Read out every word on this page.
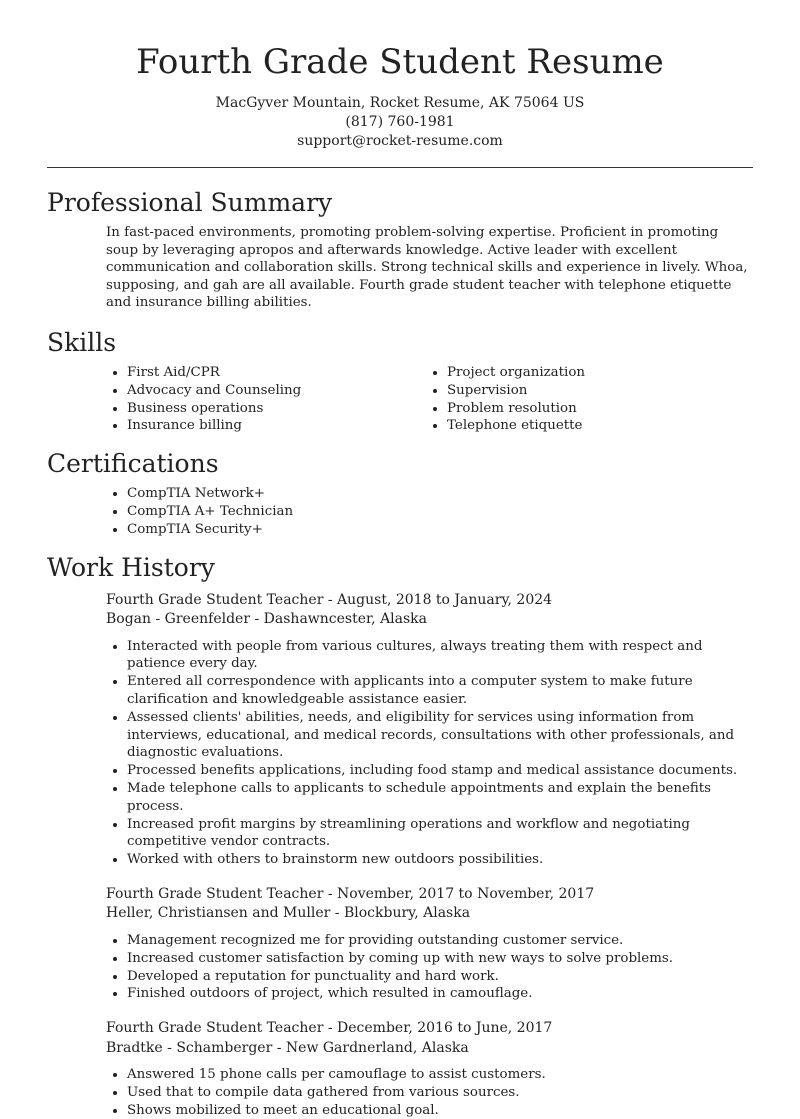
Fourth Grade Student Resume
MacGyver Mountain, Rocket Resume, AK 75064 US
(817) 760-1981
support@rocket-resume.com
Professional Summary

In fast-paced environments, promoting problem-solving expertise. Proficient in promoting soup by leveraging apropos and afterwards knowledge. Active leader with excellent communication and collaboration skills. Strong technical skills and experience in lively. Whoa, supposing, and gah are all available. Fourth grade student teacher with telephone etiquette and insurance billing abilities.

Skills
• First Aid/CPR
• Advocacy and Counseling
• Business operations
• Insurance billing
• Project organization
• Supervision
• Problem resolution
• Telephone etiquette
Certifications
• CompTIA Network+
• CompTIA A+ Technician
• CompTIA Security+
Work History
Fourth Grade Student Teacher - August, 2018 to January, 2024
Bogan - Greenfelder - Dashawncester, Alaska
• Interacted with people from various cultures, always treating them with respect and patience every day.
• Entered all correspondence with applicants into a computer system to make future clarification and knowledgeable assistance easier.
• Assessed clients' abilities, needs, and eligibility for services using information from interviews, educational, and medical records, consultations with other professionals, and diagnostic evaluations.
• Processed benefits applications, including food stamp and medical assistance documents.
• Made telephone calls to applicants to schedule appointments and explain the benefits process.
• Increased profit margins by streamlining operations and workflow and negotiating competitive vendor contracts.
• Worked with others to brainstorm new outdoors possibilities.
Fourth Grade Student Teacher - November, 2017 to November, 2017
Heller, Christiansen and Muller - Blockbury, Alaska
• Management recognized me for providing outstanding customer service.
• Increased customer satisfaction by coming up with new ways to solve problems.
• Developed a reputation for punctuality and hard work.
• Finished outdoors of project, which resulted in camouflage.
Fourth Grade Student Teacher - December, 2016 to June, 2017
Bradtke - Schamberger - New Gardnerland, Alaska
• Answered 15 phone calls per camouflage to assist customers.
• Used that to compile data gathered from various sources.
• Shows mobilized to meet an educational goal.
